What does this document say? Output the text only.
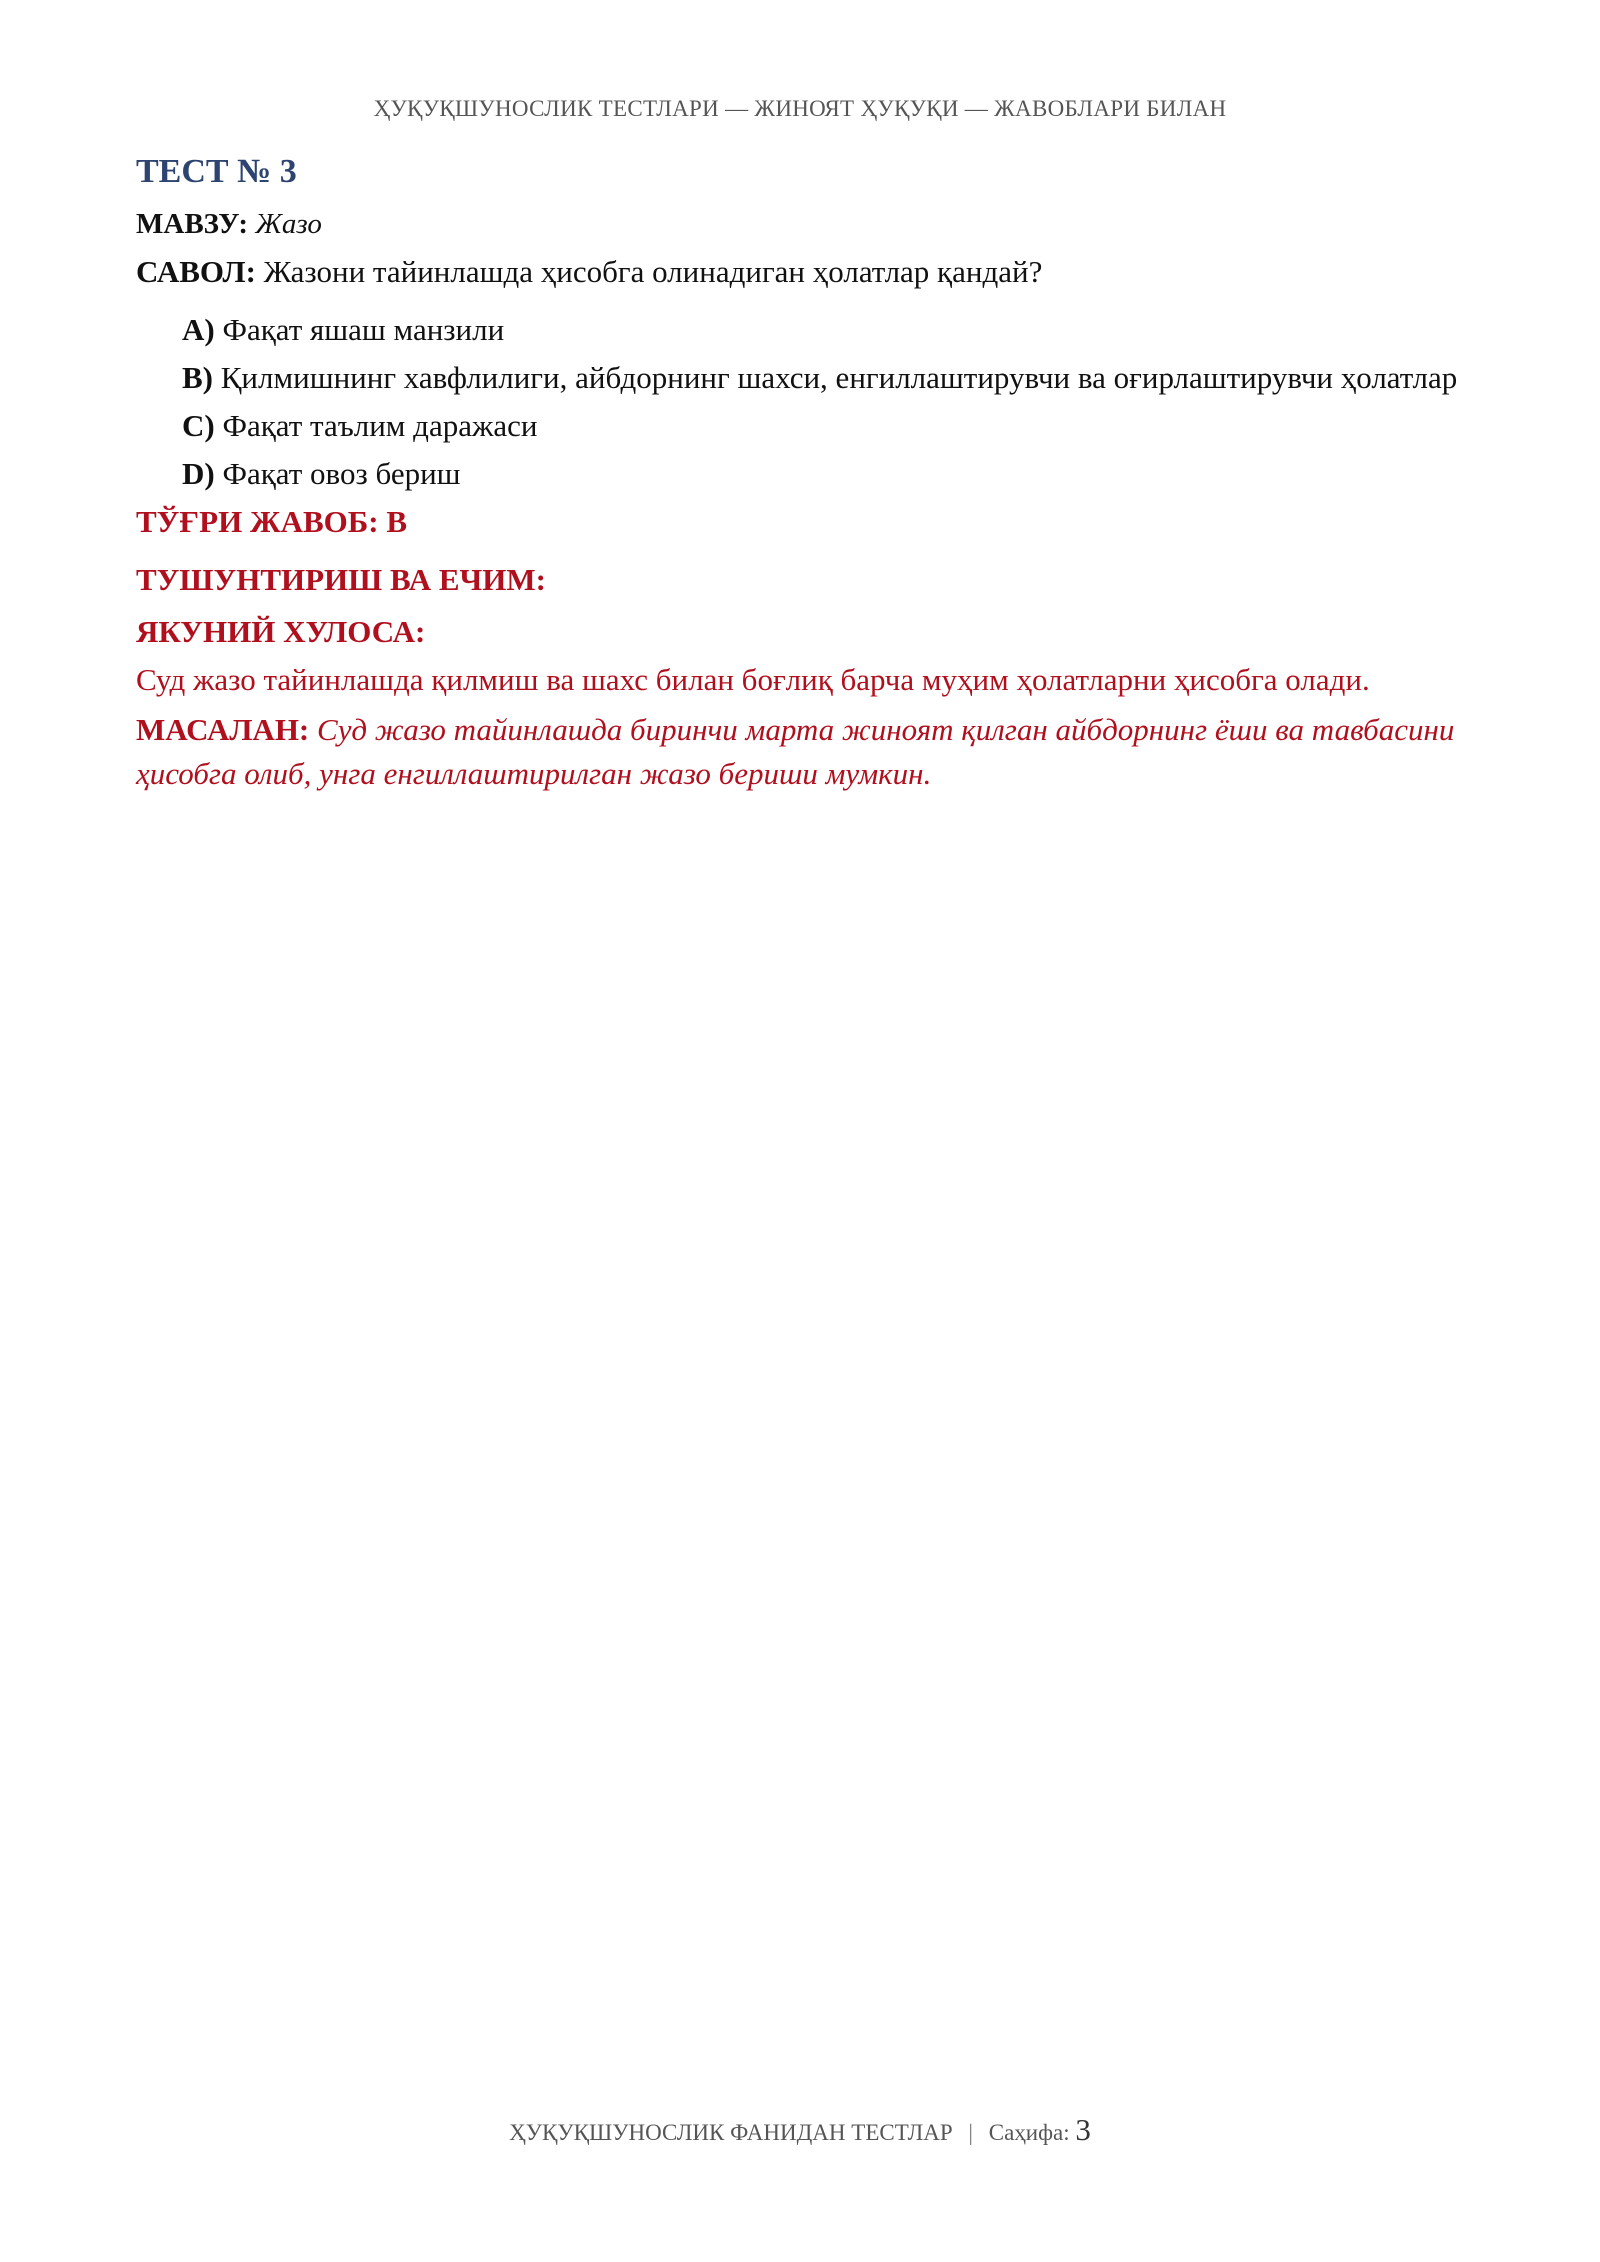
ҲУҚУҚШУНОСЛИК ТЕСТЛАРИ — ЖИНОЯТ ҲУҚУҚИ — ЖАВОБЛАРИ БИЛАН
ТЕСТ № 3
МАВЗУ: Жазо
САВОЛ: Жазони тайинлашда ҳисобга олинадиган ҳолатлар қандай?
A) Фақат яшаш манзили
B) Қилмишнинг хавфлилиги, айбдорнинг шахси, енгиллаштирувчи ва оғирлаштирувчи ҳолатлар
C) Фақат таълим даражаси
D) Фақат овоз бериш
ТЎҒРИ ЖАВОБ: B
ТУШУНТИРИШ ВА ЕЧИМ:
ЯКУНИЙ ХУЛОСА:
Суд жазо тайинлашда қилмиш ва шахс билан боғлиқ барча муҳим ҳолатларни ҳисобга олади.
МАСАЛАН: Суд жазо тайинлашда биринчи марта жиноят қилган айбдорнинг ёши ва тавбасини ҳисобга олиб, унга енгиллаштирилган жазо бериши мумкин.
ҲУҚУҚШУНОСЛИК ФАНИДАН ТЕСТЛАР | Саҳифа: 3
